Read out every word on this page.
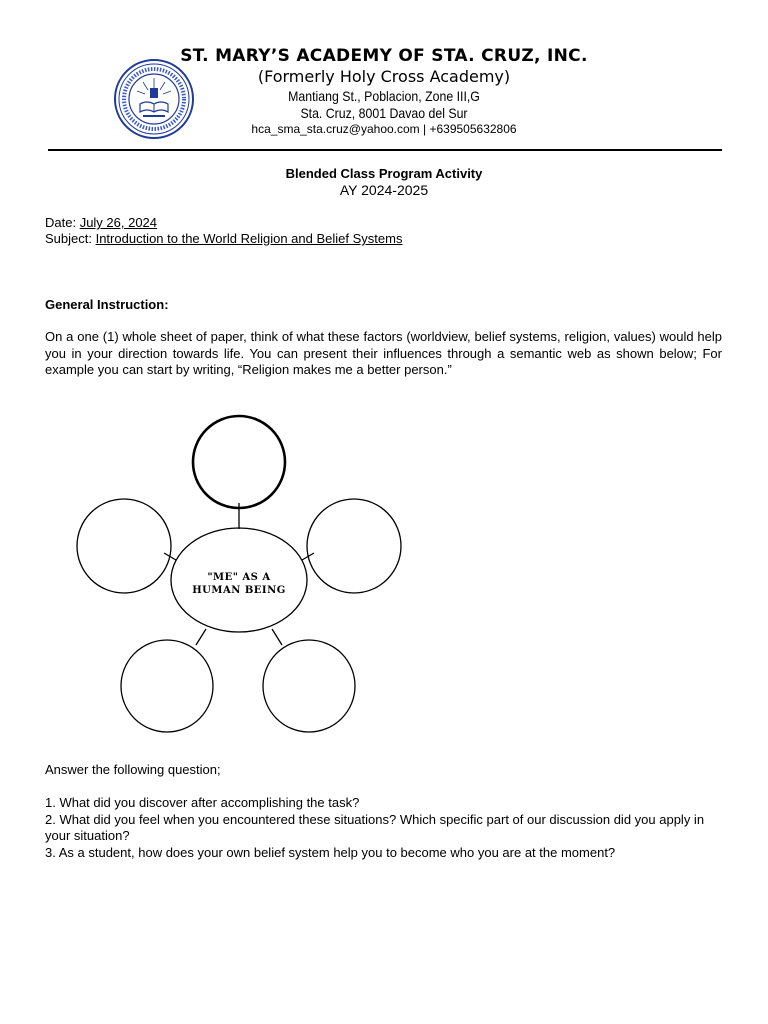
ST. MARY’S ACADEMY OF STA. CRUZ, INC.
(Formerly Holy Cross Academy)
Mantiang St., Poblacion, Zone III,G
Sta. Cruz, 8001 Davao del Sur
hca_sma_sta.cruz@yahoo.com | +639505632806
Blended Class Program Activity
AY 2024-2025
Date: July 26, 2024
Subject: Introduction to the World Religion and Belief Systems
General Instruction:
On a one (1) whole sheet of paper, think of what these factors (worldview, belief systems, religion, values) would help you in your direction towards life. You can present their influences through a semantic web as shown below; For example you can start by writing, “Religion makes me a better person.”
"ME" AS A
HUMAN BEING
Answer the following question;
1. What did you discover after accomplishing the task?
2. What did you feel when you encountered these situations? Which specific part of our discussion did you apply in your situation?
3. As a student, how does your own belief system help you to become who you are at the moment?
